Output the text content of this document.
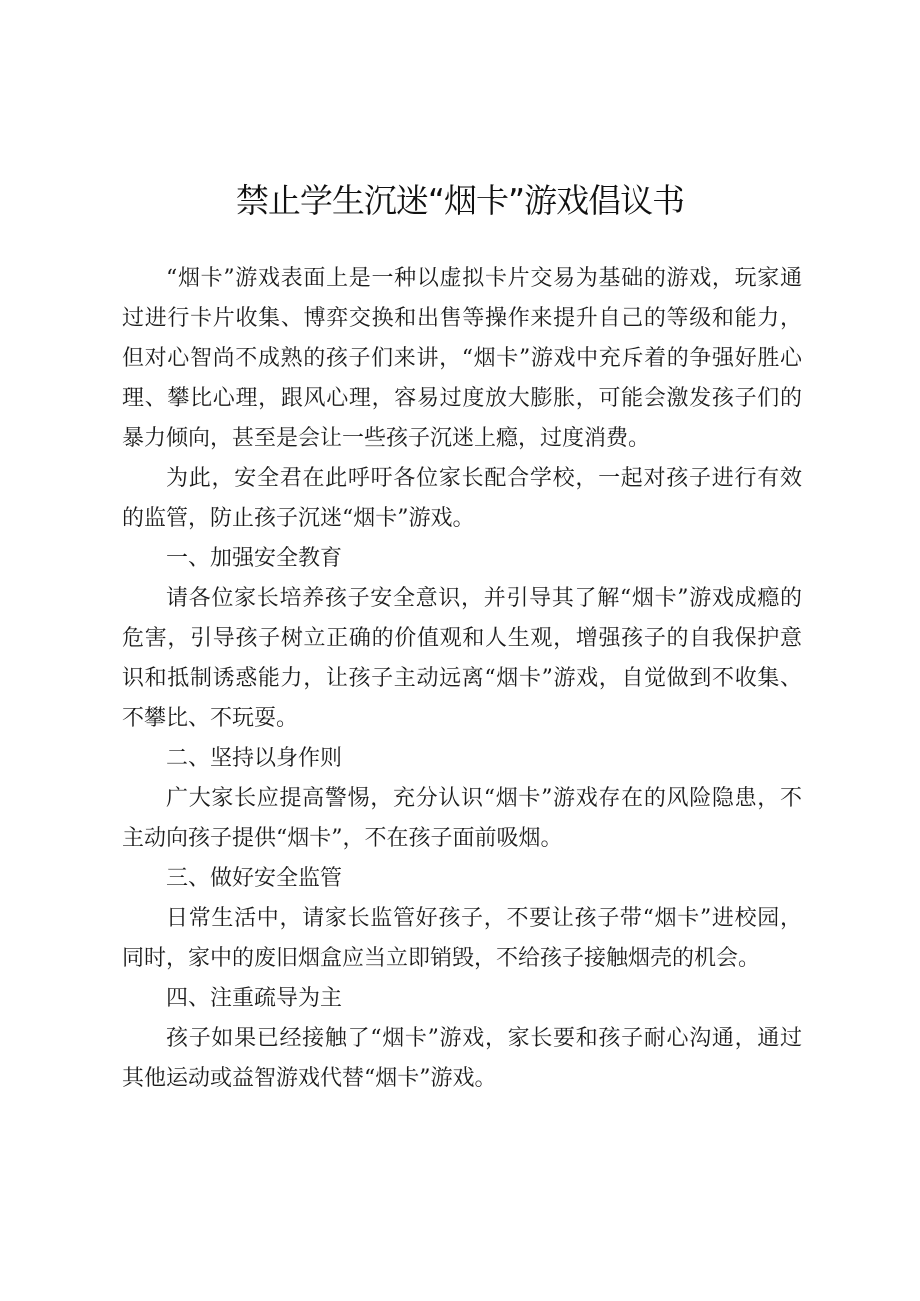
禁止学生沉迷“烟卡”游戏倡议书

“烟卡”游戏表面上是一种以虚拟卡片交易为基础的游戏，玩家通过进行卡片收集、博弈交换和出售等操作来提升自己的等级和能力，但对心智尚不成熟的孩子们来讲，“烟卡”游戏中充斥着的争强好胜心理、攀比心理，跟风心理，容易过度放大膨胀，可能会激发孩子们的暴力倾向，甚至是会让一些孩子沉迷上瘾，过度消费。

为此，安全君在此呼吁各位家长配合学校，一起对孩子进行有效的监管，防止孩子沉迷“烟卡”游戏。

一、加强安全教育

请各位家长培养孩子安全意识，并引导其了解“烟卡”游戏成瘾的危害，引导孩子树立正确的价值观和人生观，增强孩子的自我保护意识和抵制诱惑能力，让孩子主动远离“烟卡”游戏，自觉做到不收集、不攀比、不玩耍。

二、坚持以身作则

广大家长应提高警惕，充分认识“烟卡”游戏存在的风险隐患，不主动向孩子提供“烟卡”，不在孩子面前吸烟。

三、做好安全监管

日常生活中，请家长监管好孩子，不要让孩子带“烟卡”进校园，同时，家中的废旧烟盒应当立即销毁，不给孩子接触烟壳的机会。

四、注重疏导为主

孩子如果已经接触了“烟卡”游戏，家长要和孩子耐心沟通，通过其他运动或益智游戏代替“烟卡”游戏。
